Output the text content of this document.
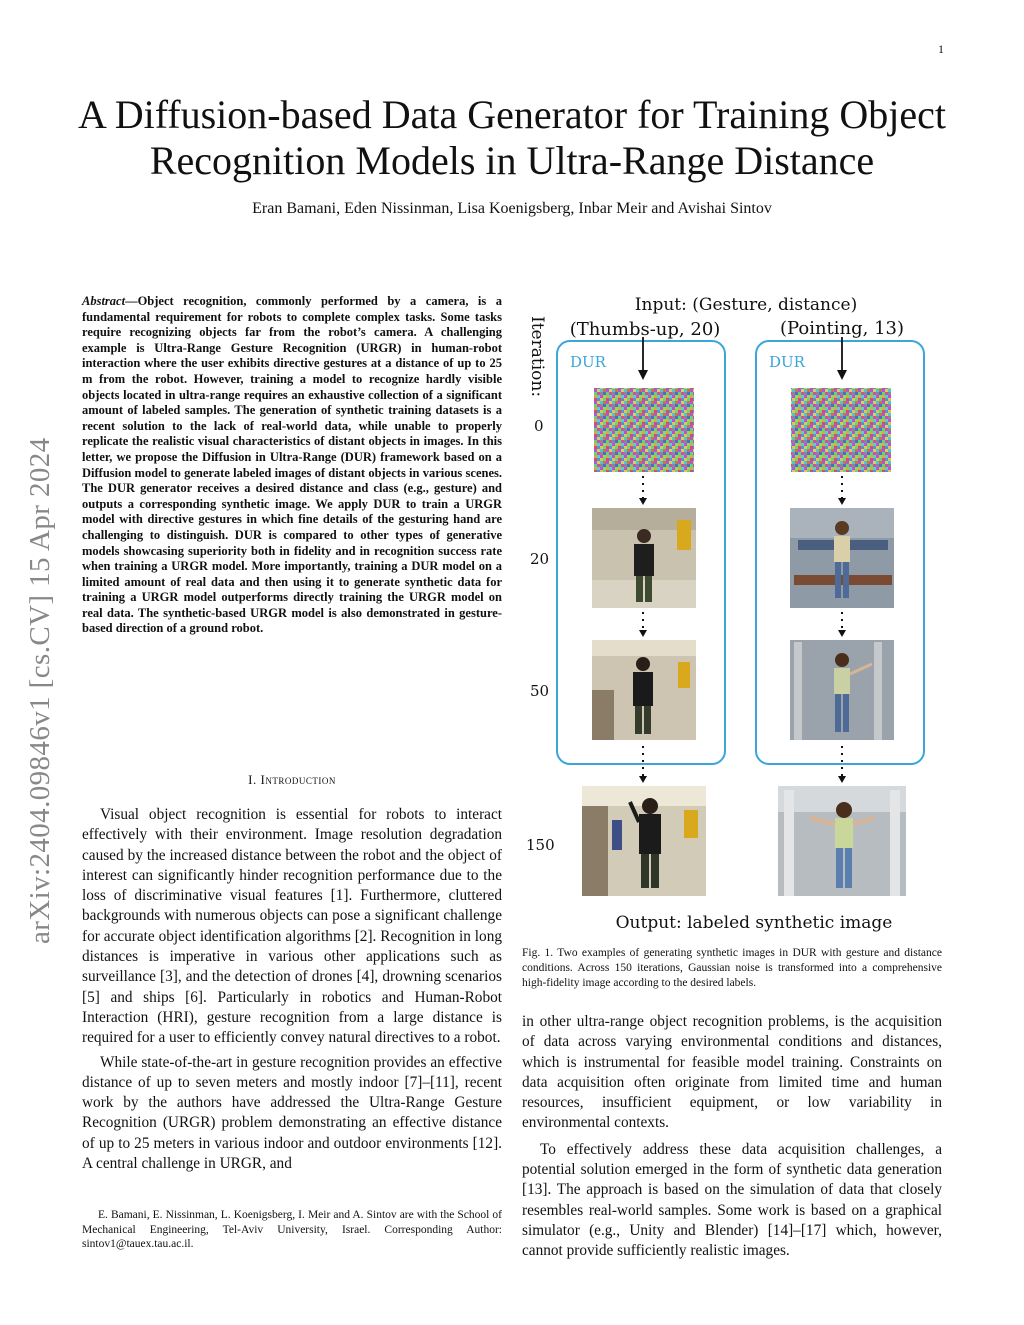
1
A Diffusion-based Data Generator for Training Object Recognition Models in Ultra-Range Distance
Eran Bamani, Eden Nissinman, Lisa Koenigsberg, Inbar Meir and Avishai Sintov
arXiv:2404.09846v1 [cs.CV] 15 Apr 2024
Abstract—Object recognition, commonly performed by a camera, is a fundamental requirement for robots to complete complex tasks. Some tasks require recognizing objects far from the robot’s camera. A challenging example is Ultra-Range Gesture Recognition (URGR) in human-robot interaction where the user exhibits directive gestures at a distance of up to 25 m from the robot. However, training a model to recognize hardly visible objects located in ultra-range requires an exhaustive collection of a significant amount of labeled samples. The generation of synthetic training datasets is a recent solution to the lack of real-world data, while unable to properly replicate the realistic visual characteristics of distant objects in images. In this letter, we propose the Diffusion in Ultra-Range (DUR) framework based on a Diffusion model to generate labeled images of distant objects in various scenes. The DUR generator receives a desired distance and class (e.g., gesture) and outputs a corresponding synthetic image. We apply DUR to train a URGR model with directive gestures in which fine details of the gesturing hand are challenging to distinguish. DUR is compared to other types of generative models showcasing superiority both in fidelity and in recognition success rate when training a URGR model. More importantly, training a DUR model on a limited amount of real data and then using it to generate synthetic data for training a URGR model outperforms directly training the URGR model on real data. The synthetic-based URGR model is also demonstrated in gesture-based direction of a ground robot.
I. Introduction

Visual object recognition is essential for robots to interact effectively with their environment. Image resolution degradation caused by the increased distance between the robot and the object of interest can significantly hinder recognition performance due to the loss of discriminative visual features [1]. Furthermore, cluttered backgrounds with numerous objects can pose a significant challenge for accurate object identification algorithms [2]. Recognition in long distances is imperative in various other applications such as surveillance [3], and the detection of drones [4], drowning scenarios [5] and ships [6]. Particularly in robotics and Human-Robot Interaction (HRI), gesture recognition from a large distance is required for a user to efficiently convey natural directives to a robot.

While state-of-the-art in gesture recognition provides an effective distance of up to seven meters and mostly indoor [7]–[11], recent work by the authors have addressed the Ultra-Range Gesture Recognition (URGR) problem demonstrating an effective distance of up to 25 meters in various indoor and outdoor environments [12]. A central challenge in URGR, and

E. Bamani, E. Nissinman, L. Koenigsberg, I. Meir and A. Sintov are with the School of Mechanical Engineering, Tel-Aviv University, Israel. Corresponding Author: sintov1@tauex.tau.ac.il.
Input: (Gesture, distance)
(Thumbs-up, 20)	(Pointing, 13)
Iteration:
0
20
50
150
DUR	DUR
Output: labeled synthetic image
Fig. 1. Two examples of generating synthetic images in DUR with gesture and distance conditions. Across 150 iterations, Gaussian noise is transformed into a comprehensive high-fidelity image according to the desired labels.

in other ultra-range object recognition problems, is the acquisition of data across varying environmental conditions and distances, which is instrumental for feasible model training. Constraints on data acquisition often originate from limited time and human resources, insufficient equipment, or low variability in environmental contexts.

To effectively address these data acquisition challenges, a potential solution emerged in the form of synthetic data generation [13]. The approach is based on the simulation of data that closely resembles real-world samples. Some work is based on a graphical simulator (e.g., Unity and Blender) [14]–[17] which, however, cannot provide sufficiently realistic images.
